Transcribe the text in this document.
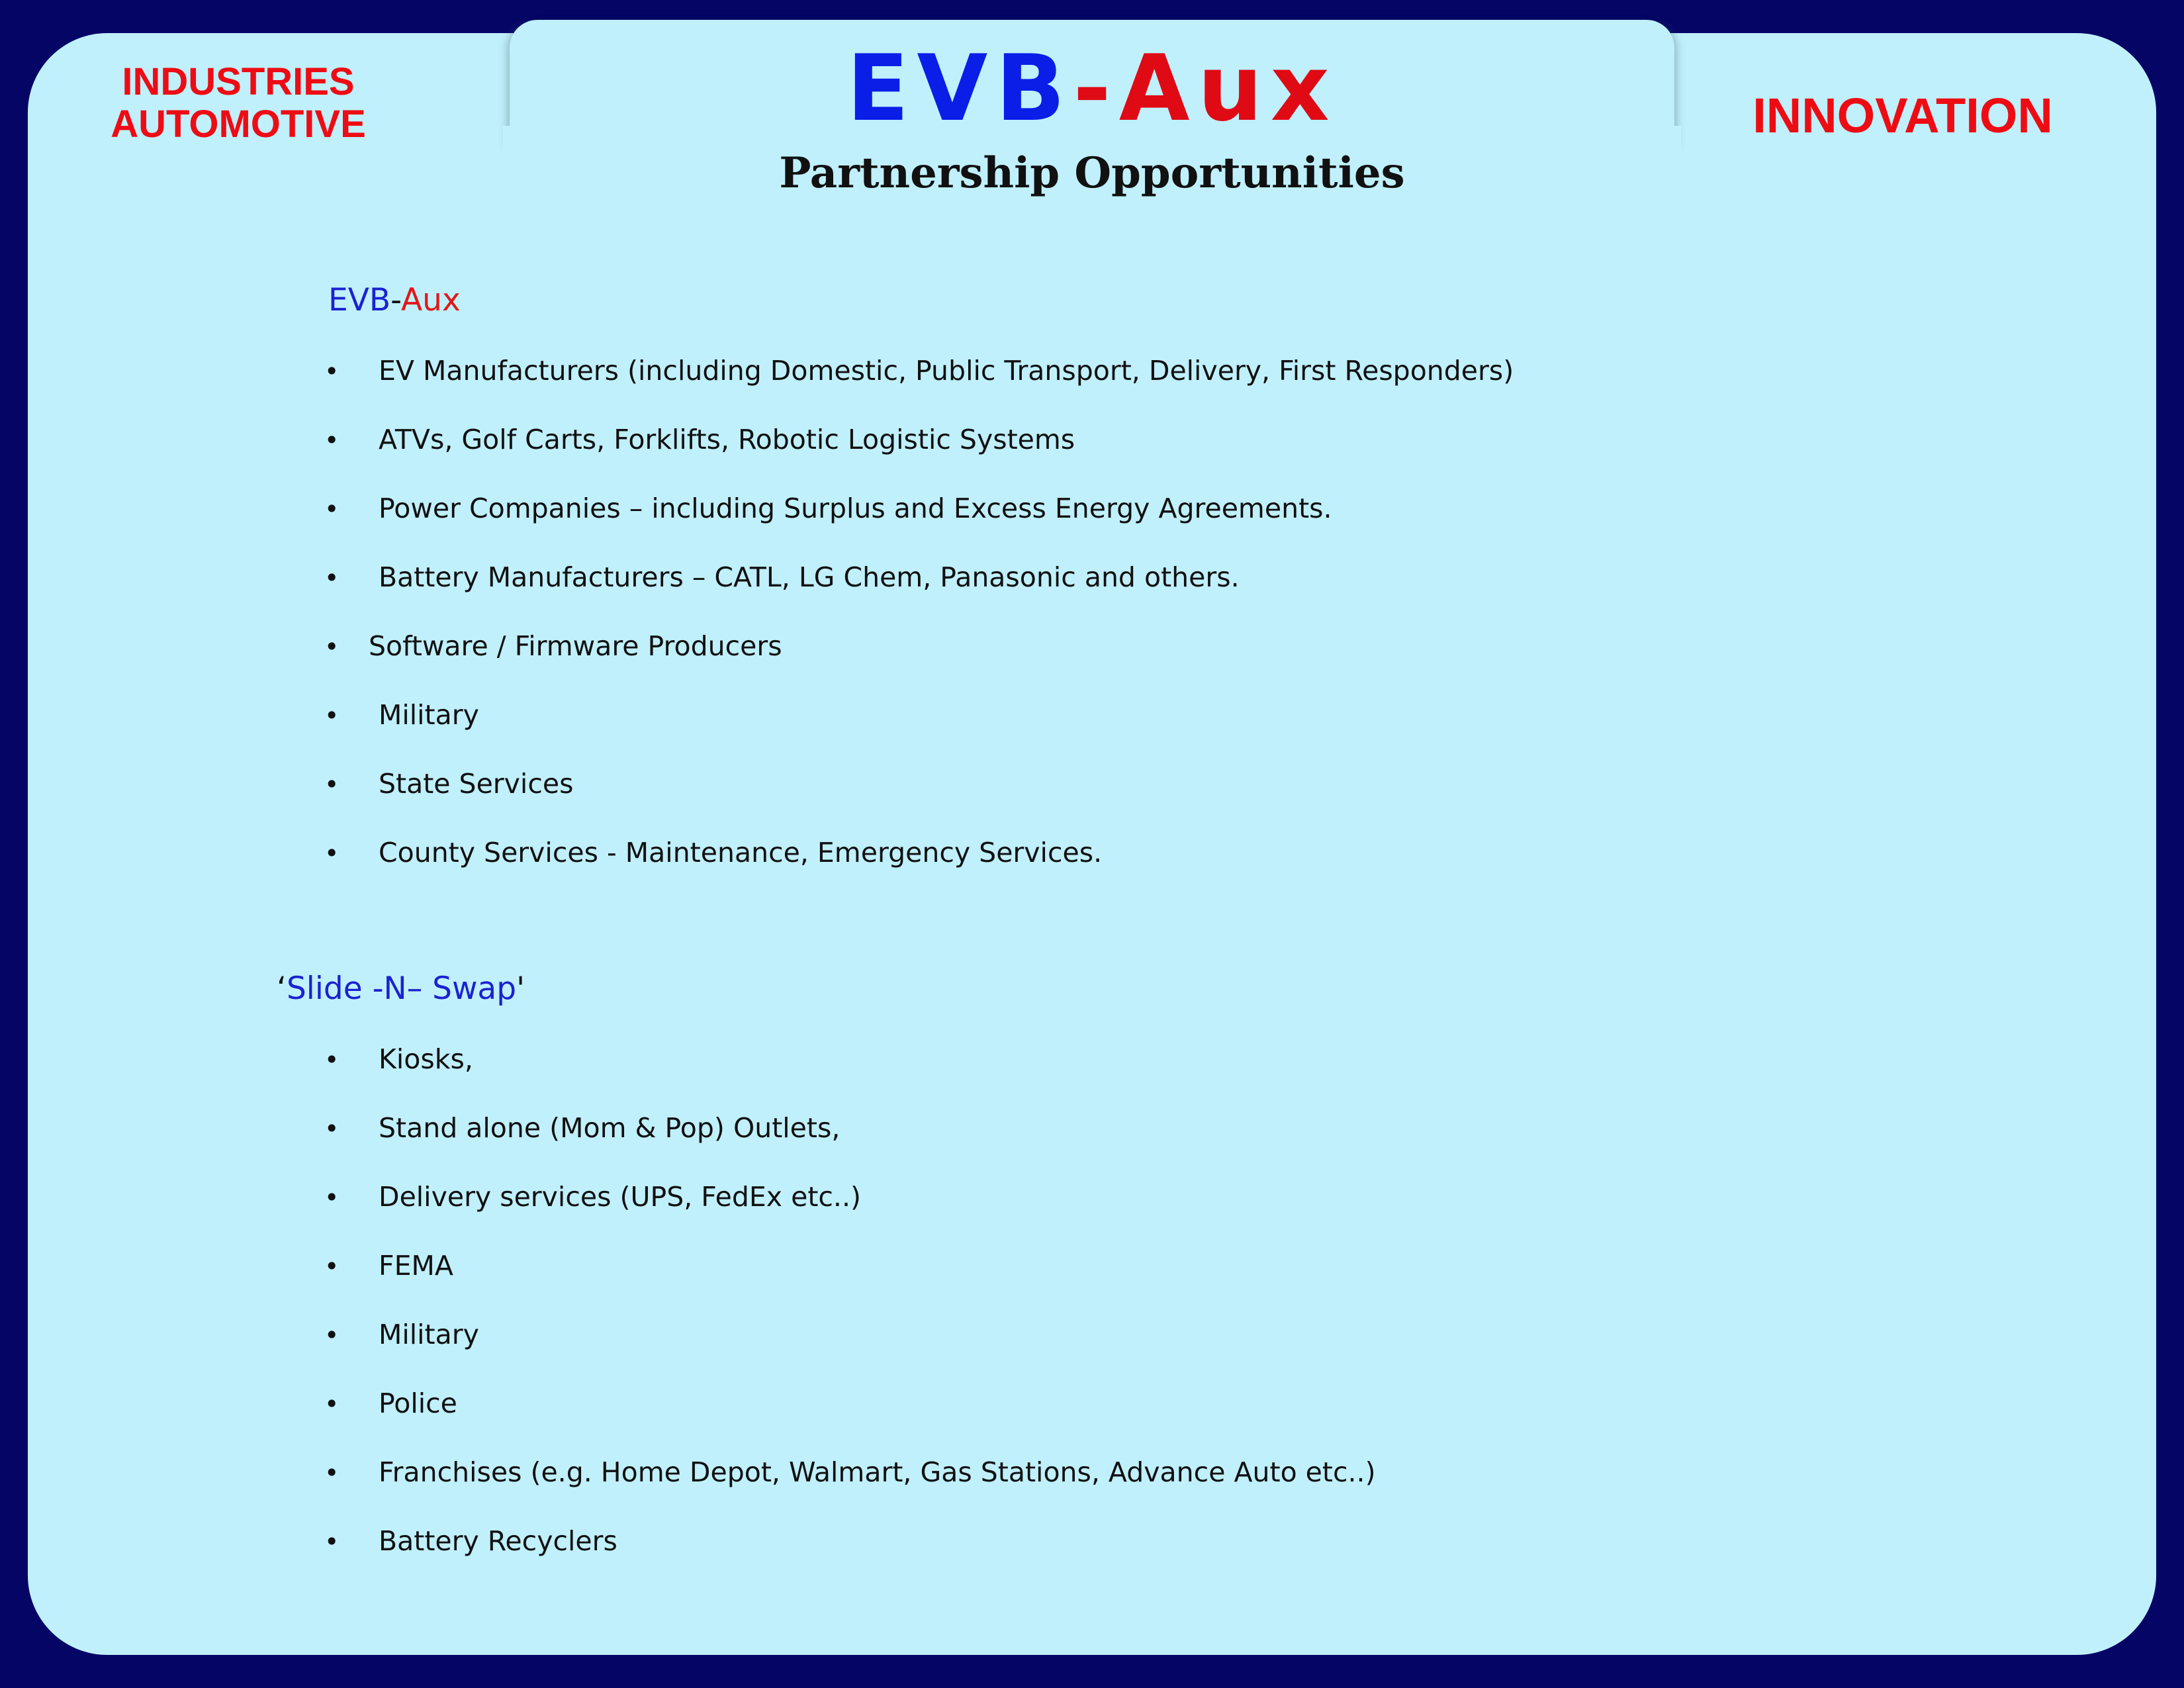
INDUSTRIES
AUTOMOTIVE	INNOVATION
EVB-Aux
Partnership Opportunities
EVB-Aux
• EV Manufacturers (including Domestic, Public Transport, Delivery, First Responders)
• ATVs, Golf Carts, Forklifts, Robotic Logistic Systems
• Power Companies – including Surplus and Excess Energy Agreements.
• Battery Manufacturers – CATL, LG Chem, Panasonic and others.
• Software / Firmware Producers
• Military
• State Services
• County Services - Maintenance, Emergency Services.
‘Slide -N– Swap'
• Kiosks,
• Stand alone (Mom & Pop) Outlets,
• Delivery services (UPS, FedEx etc..)
• FEMA
• Military
• Police
• Franchises (e.g. Home Depot, Walmart, Gas Stations, Advance Auto etc..)
• Battery Recyclers
